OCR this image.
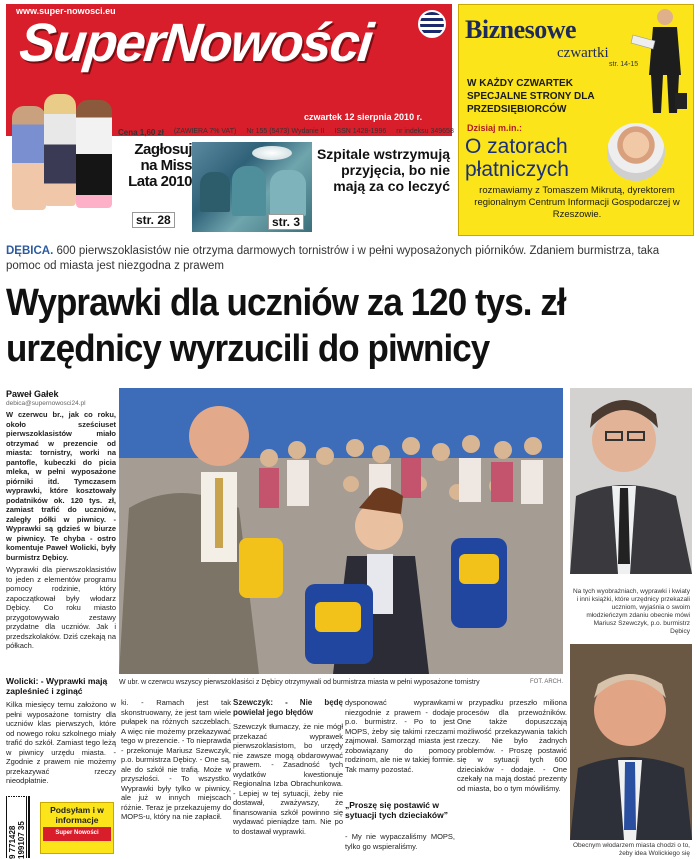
www.super-nowosci.eu
SuperNowości
czwartek 12 sierpnia 2010 r.
Cena 1,60 zł (ZAWIERA 7% VAT) Nr 155 (5473) Wydanie II ISSN 1428-1996 nr indeksu 349658
Zagłosuj na Miss Lata 2010
str. 28	str. 3
Szpitale wstrzymują przyjęcia, bo nie mają za co leczyć
Biznesowe
czwartki
str. 14-15
W KAŻDY CZWARTEK SPECJALNE STRONY DLA PRZEDSIĘBIORCÓW
Dzisiaj m.in.:
O zatorach płatniczych
rozmawiamy z Tomaszem Mikrutą, dyrektorem regionalnym Centrum Informacji Gospodarczej w Rzeszowie.
DĘBICA. 600 pierwszoklasistów nie otrzyma darmowych tornistrów i w pełni wyposażonych piórników. Zdaniem burmistrza, taka pomoc od miasta jest niezgodna z prawem
Wyprawki dla uczniów za 120 tys. zł
urzędnicy wyrzucili do piwnicy
Paweł Gałek
debica@supernowosci24.pl

W czerwcu br., jak co roku, około sześciuset pierwszoklasistów miało otrzymać w prezencie od miasta: tornistry, worki na pantofle, kubeczki do picia mleka, w pełni wyposażone piórniki itd. Tymczasem wyprawki, które kosztowały podatników ok. 120 tys. zł, zamiast trafić do uczniów, zaległy półki w piwnicy. - Wyprawki są gdzieś w biurze w piwnicy. Te chyba - ostro komentuje Paweł Wolicki, były burmistrz Dębicy.

Wyprawki dla pierwszoklasistów to jeden z elementów programu pomocy rodzinie, który zapoczątkował były włodarz Dębicy. Co roku miasto przygotowywało zestawy przydatne dla uczniów. Jak i przedszkolaków. Dziś czekają na półkach.

W ubr. w czerwcu wszyscy pierwszoklasiści z Dębicy otrzymywali od burmistrza miasta w pełni wyposażone tornistry	FOT. ARCH.
Na tych wyobrażniach, wyprawki i kwiaty i inni książki, które urzędnicy przekazali uczniom, wyjaśnia o swoim młodzieńczym zdaniu obecnie mówi Mariusz Szewczyk, p.o. burmistrz Dębicy
Obecnym włodarzem miasta chodzi o to, żeby idea Wolickiego się
Wolicki: - Wyprawki mają zapleśnieć i zginąć
Kilka miesięcy temu założono w pełni wyposażone tornistry dla uczniów klas pierwszych, które od nowego roku szkolnego miały trafić do szkół. Zamiast tego leżą w piwnicy urzędu miasta. - Zgodnie z prawem nie możemy przekazywać rzeczy nieodpłatnie.
ki. - Ramach jest tak skonstruowany, że jest tam wiele pułapek na różnych szczeblach. A więc nie możemy przekazywać tego w prezencie. - To nieprawda - przekonuje Mariusz Szewczyk, p.o. burmistrza Dębicy. - One są, ale do szkół nie trafią. Może w przyszłości. - To wszystko. Wyprawki były tylko w piwnicy, ale już w innych miejscach różnie. Teraz je przekazujemy do MOPS-u, który na nie zapłacił.

Szewczyk: - Nie będę powielał jego błędów

Szewczyk tłumaczy, że nie mógł przekazać wyprawek pierwszoklasistom, bo urzędy nie zawsze mogą obdarowywać prawem. - Zasadność tych wydatków kwestionuje Regionalna Izba Obrachunkowa. - Lepiej w tej sytuacji, żeby nie dostawał, zważywszy, że finansowania szkół powinno się wydawać pieniądze tam. Nie po to dostawał wyprawki.

dysponować wyprawkami niezgodnie z prawem - dodaje p.o. burmistrz. - Po to jest MOPS, żeby się takimi rzeczami zajmował. Samorząd miasta jest zobowiązany do pomocy rodzinom, ale nie w takiej formie. Tak mamy pozostać.
„Proszę się postawić w sytuacji tych dzieciaków”
- My nie wypaczaliśmy MOPS, tylko go wspieraliśmy.
w przypadku przeszło miliona procesów dla przewoźników. One także dopuszczają możliwość przekazywania takich rzeczy. Nie było żadnych problemów. - Proszę postawić się w sytuacji tych 600 dzieciaków - dodaje. - One czekały na mają dostać prezenty od miasta, bo o tym mówiliśmy.
9 771428 199107 35
Podsyłam i w informacje
Super Nowości
